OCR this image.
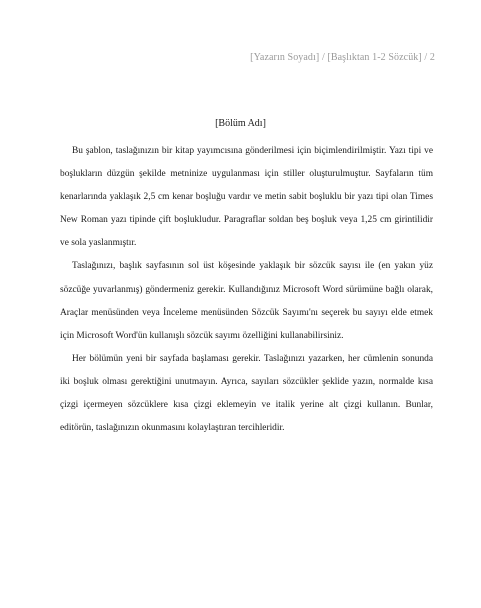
[Yazarın Soyadı] / [Başlıktan 1-2 Sözcük] / 2
[Bölüm Adı]

Bu şablon, taslağınızın bir kitap yayımcısına gönderilmesi için biçimlendirilmiştir. Yazı tipi ve boşlukların düzgün şekilde metninize uygulanması için stiller oluşturulmuştur. Sayfaların tüm kenarlarında yaklaşık 2,5 cm kenar boşluğu vardır ve metin sabit boşluklu bir yazı tipi olan Times New Roman yazı tipinde çift boşlukludur. Paragraflar soldan beş boşluk veya 1,25 cm girintilidir ve sola yaslanmıştır.

Taslağınızı, başlık sayfasının sol üst köşesinde yaklaşık bir sözcük sayısı ile (en yakın yüz sözcüğe yuvarlanmış) göndermeniz gerekir. Kullandığınız Microsoft Word sürümüne bağlı olarak, Araçlar menüsünden veya İnceleme menüsünden Sözcük Sayımı'nı seçerek bu sayıyı elde etmek için Microsoft Word'ün kullanışlı sözcük sayımı özelliğini kullanabilirsiniz.

Her bölümün yeni bir sayfada başlaması gerekir. Taslağınızı yazarken, her cümlenin sonunda iki boşluk olması gerektiğini unutmayın. Ayrıca, sayıları sözcükler şeklide yazın, normalde kısa çizgi içermeyen sözcüklere kısa çizgi eklemeyin ve italik yerine alt çizgi kullanın. Bunlar, editörün, taslağınızın okunmasını kolaylaştıran tercihleridir.
